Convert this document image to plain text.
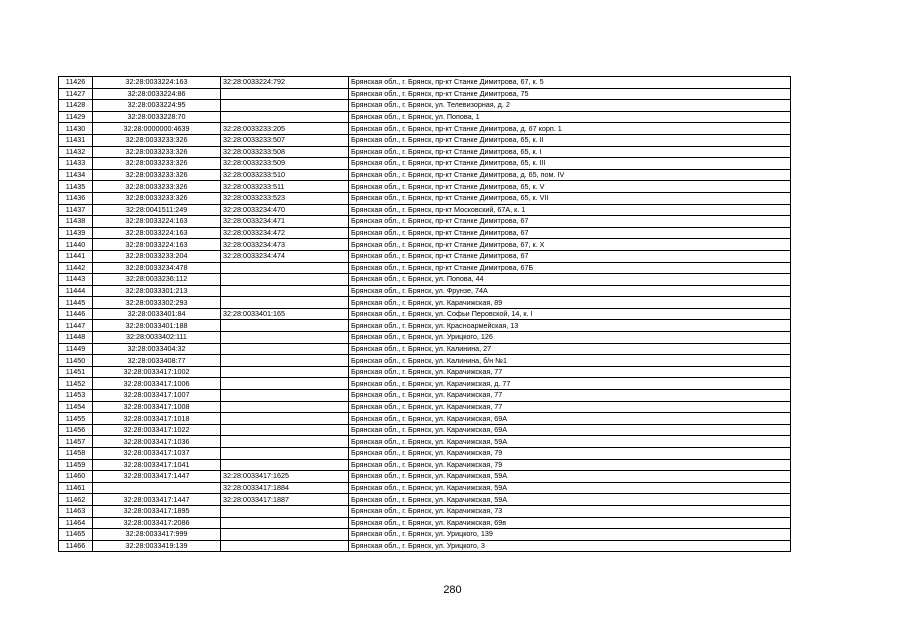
11426	32:28:0033224:163	32:28:0033224:792	Брянская обл., г. Брянск, пр-кт Станке Димитрова, 67, к. 5
11427	32:28:0033224:86		Брянская обл., г. Брянск, пр-кт Станке Димитрова, 75
11428	32:28:0033224:95		Брянская обл., г. Брянск, ул. Телевизорная, д. 2
11429	32:28:0033228:70		Брянская обл., г. Брянск, ул. Попова, 1
11430	32:28:0000000:4639	32:28:0033233:205	Брянская обл., г. Брянск, пр-кт Станке Димитрова, д. 67 корп. 1
11431	32:28:0033233:326	32:28:0033233:507	Брянская обл., г. Брянск, пр-кт Станке Димитрова, 65, к. II
11432	32:28:0033233:326	32:28:0033233:508	Брянская обл., г. Брянск, пр-кт Станке Димитрова, 65, к. I
11433	32:28:0033233:326	32:28:0033233:509	Брянская обл., г. Брянск, пр-кт Станке Димитрова, 65, к. III
11434	32:28:0033233:326	32:28:0033233:510	Брянская обл., г. Брянск, пр-кт Станке Димитрова, д. 65, пом. IV
11435	32:28:0033233:326	32:28:0033233:511	Брянская обл., г. Брянск, пр-кт Станке Димитрова, 65, к. V
11436	32:28:0033233:326	32:28:0033233:523	Брянская обл., г. Брянск, пр-кт Станке Димитрова, 65, к. VII
11437	32:28:0041511:249	32:28:0033234:470	Брянская обл., г. Брянск, пр-кт Московский, 67А, к. 1
11438	32:28:0033224:163	32:28:0033234:471	Брянская обл., г. Брянск, пр-кт Станке Димитрова, 67
11439	32:28:0033224:163	32:28:0033234:472	Брянская обл., г. Брянск, пр-кт Станке Димитрова, 67
11440	32:28:0033224:163	32:28:0033234:473	Брянская обл., г. Брянск, пр-кт Станке Димитрова, 67, к. X
11441	32:28:0033233:204	32:28:0033234:474	Брянская обл., г. Брянск, пр-кт Станке Димитрова, 67
11442	32:28:0033234:478		Брянская обл., г. Брянск, пр-кт Станке Димитрова, 67Б
11443	32:28:0033236:112		Брянская обл., г. Брянск, ул. Попова, 44
11444	32:28:0033301:213		Брянская обл., г. Брянск, ул. Фрунзе, 74А
11445	32:28:0033302:293		Брянская обл., г. Брянск, ул. Карачижская, 89
11446	32:28:0033401:84	32:28:0033401:165	Брянская обл., г. Брянск, ул. Софьи Перовской, 14, к. I
11447	32:28:0033401:188		Брянская обл., г. Брянск, ул. Красноармейская, 13
11448	32:28:0033402:111		Брянская обл., г. Брянск, ул. Урицкого, 126
11449	32:28:0033404:32		Брянская обл., г. Брянск, ул. Калинина, 27
11450	32:28:0033408:77		Брянская обл., г. Брянск, ул. Калинина, б/н №1
11451	32:28:0033417:1002		Брянская обл., г. Брянск, ул. Карачижская, 77
11452	32:28:0033417:1006		Брянская обл., г. Брянск, ул. Карачижская, д. 77
11453	32:28:0033417:1007		Брянская обл., г. Брянск, ул. Карачижская, 77
11454	32:28:0033417:1008		Брянская обл., г. Брянск, ул. Карачижская, 77
11455	32:28:0033417:1018		Брянская обл., г. Брянск, ул. Карачижская, 69А
11456	32:28:0033417:1022		Брянская обл., г. Брянск, ул. Карачижская, 69А
11457	32:28:0033417:1036		Брянская обл., г. Брянск, ул. Карачижская, 59А
11458	32:28:0033417:1037		Брянская обл., г. Брянск, ул. Карачижская, 79
11459	32:28:0033417:1041		Брянская обл., г. Брянск, ул. Карачижская, 79
11460	32:28:0033417:1447	32:28:0033417:1625	Брянская обл., г. Брянск, ул. Карачижская, 59А
11461		32:28:0033417:1884	Брянская обл., г. Брянск, ул. Карачижская, 59А
11462	32:28:0033417:1447	32:28:0033417:1887	Брянская обл., г. Брянск, ул. Карачижская, 59А
11463	32:28:0033417:1895		Брянская обл., г. Брянск, ул. Карачижская, 73
11464	32:28:0033417:2086		Брянская обл., г. Брянск, ул. Карачижская, 69в
11465	32:28:0033417:999		Брянская обл., г. Брянск, ул. Урицкого, 139
11466	32:28:0033419:139		Брянская обл., г. Брянск, ул. Урицкого, 3
280
